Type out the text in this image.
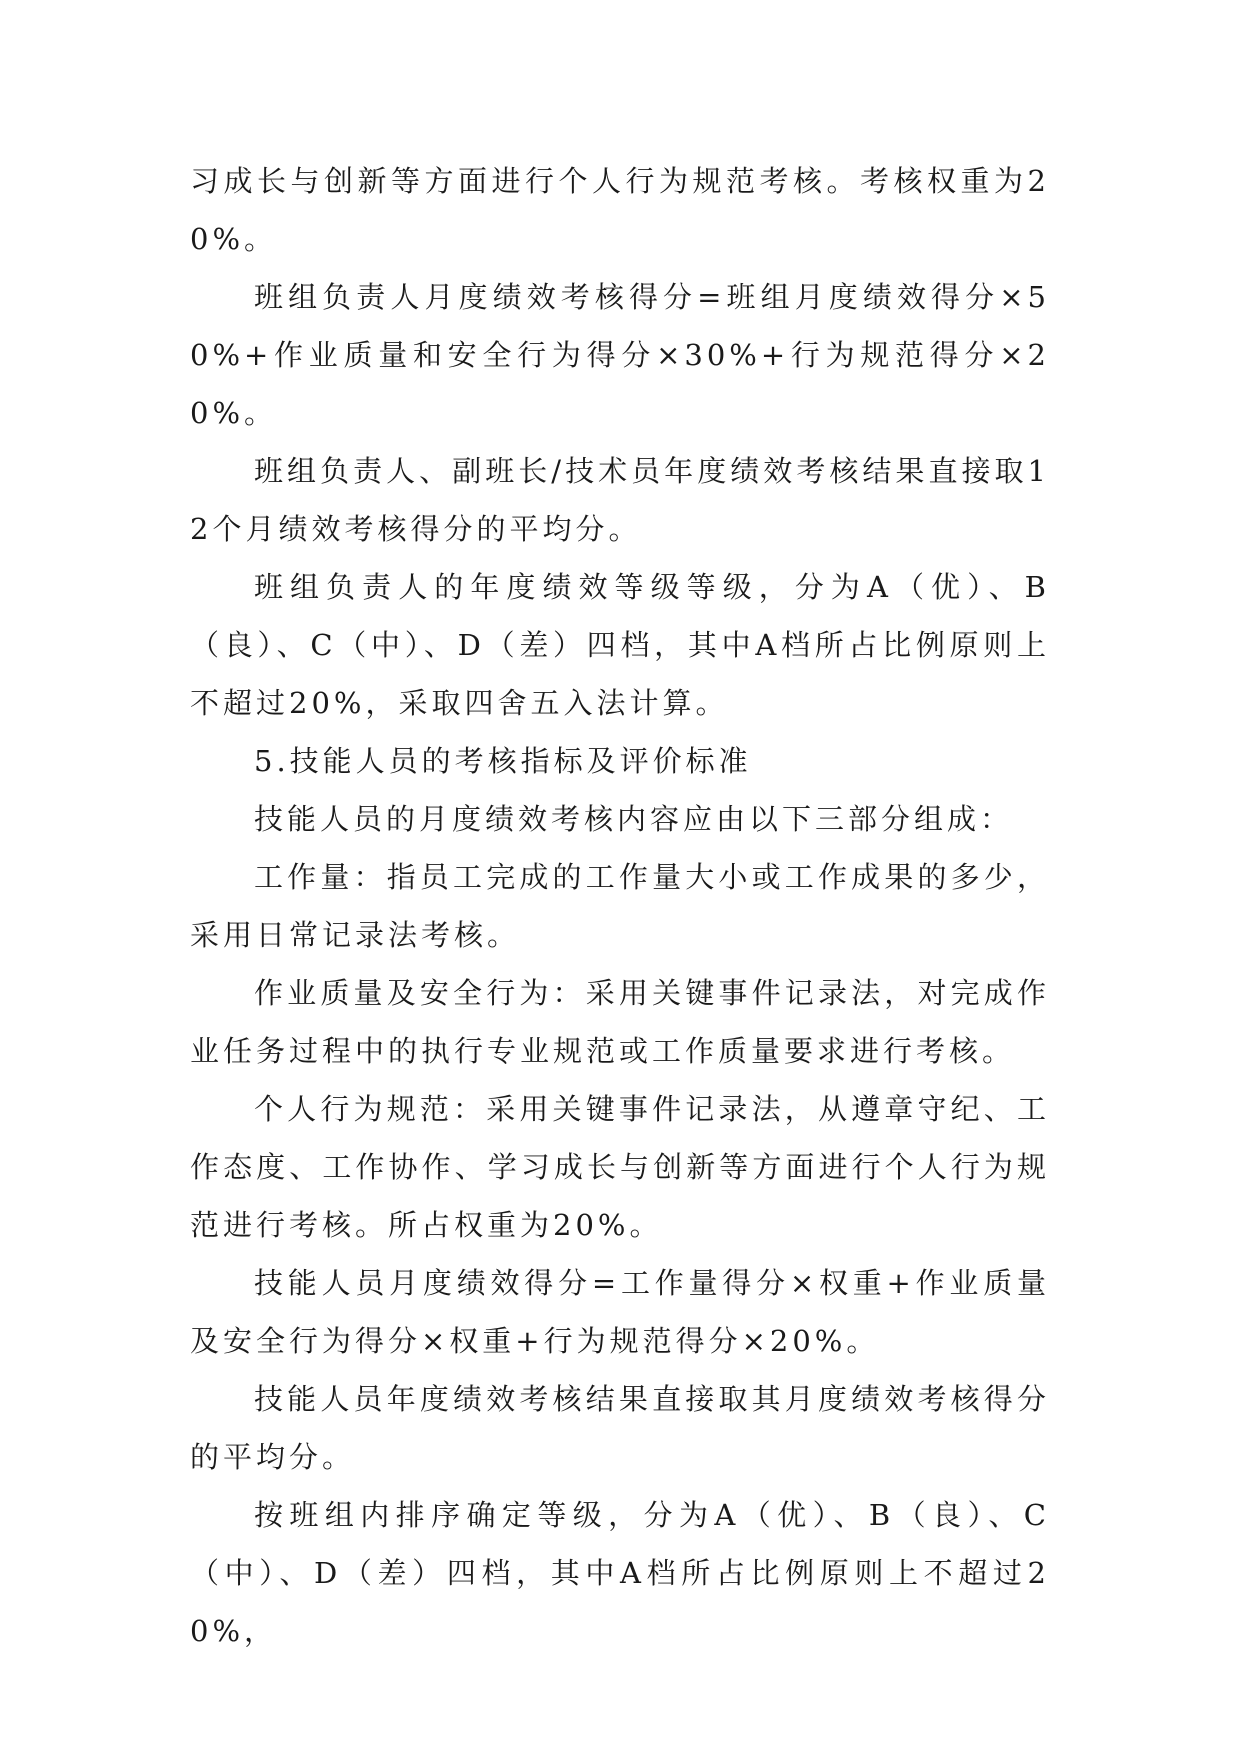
习成长与创新等方面进行个人行为规范考核。考核权重为20%。

班组负责人月度绩效考核得分=班组月度绩效得分×50%+作业质量和安全行为得分×30%+行为规范得分×20%。

班组负责人、副班长/技术员年度绩效考核结果直接取12个月绩效考核得分的平均分。

班组负责人的年度绩效等级等级，分为A（优）、B（良）、C（中）、D（差）四档，其中A档所占比例原则上不超过20%，采取四舍五入法计算。

5.技能人员的考核指标及评价标准

技能人员的月度绩效考核内容应由以下三部分组成：

工作量：指员工完成的工作量大小或工作成果的多少，采用日常记录法考核。

作业质量及安全行为：采用关键事件记录法，对完成作业任务过程中的执行专业规范或工作质量要求进行考核。

个人行为规范：采用关键事件记录法，从遵章守纪、工作态度、工作协作、学习成长与创新等方面进行个人行为规范进行考核。所占权重为20%。

技能人员月度绩效得分=工作量得分×权重+作业质量及安全行为得分×权重+行为规范得分×20%。

技能人员年度绩效考核结果直接取其月度绩效考核得分的平均分。

按班组内排序确定等级，分为A（优）、B（良）、C（中）、D（差）四档，其中A档所占比例原则上不超过20%，
